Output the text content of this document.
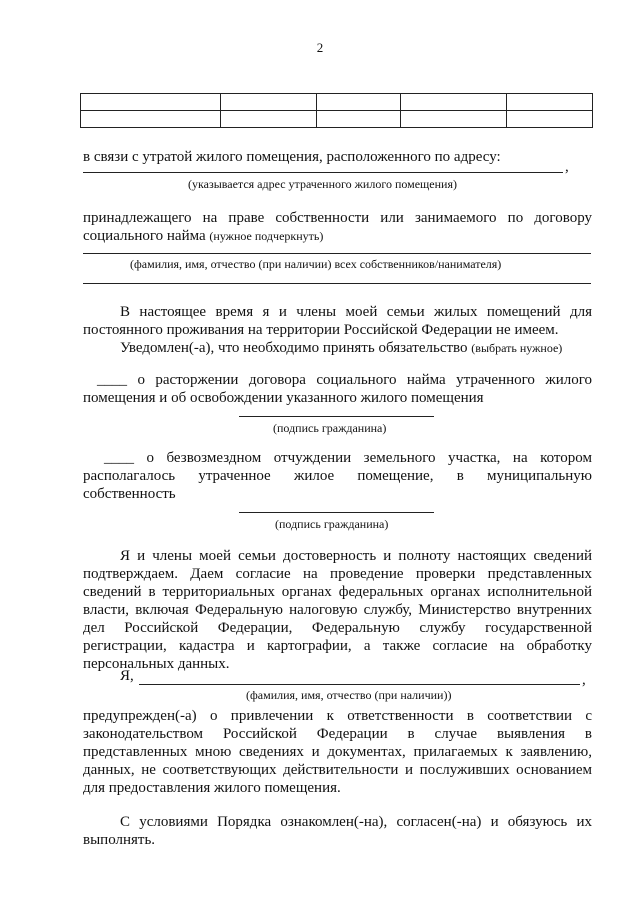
2

в связи с утратой жилого помещения, расположенного по адресу:
,
(указывается адрес утраченного жилого помещения)
принадлежащего на праве собственности или занимаемого по договору
социального найма (нужное подчеркнуть)
(фамилия, имя, отчество (при наличии) всех собственников/нанимателя)
В настоящее время я и члены моей семьи жилых помещений для
постоянного проживания на территории Российской Федерации не имеем.
Уведомлен(-а), что необходимо принять обязательство (выбрать нужное)
____ о расторжении договора социального найма утраченного жилого
помещения и об освобождении указанного жилого помещения
(подпись гражданина)
____ о безвозмездном отчуждении земельного участка, на котором
располагалось утраченное жилое помещение, в муниципальную
собственность
(подпись гражданина)
Я и члены моей семьи достоверность и полноту настоящих сведений
подтверждаем. Даем согласие на проведение проверки представленных
сведений в территориальных органах федеральных органах исполнительной
власти, включая Федеральную налоговую службу, Министерство внутренних
дел Российской Федерации, Федеральную службу государственной
регистрации, кадастра и картографии, а также согласие на обработку
персональных данных.
Я,	,
(фамилия, имя, отчество (при наличии))
предупрежден(-а) о привлечении к ответственности в соответствии с
законодательством Российской Федерации в случае выявления в
представленных мною сведениях и документах, прилагаемых к заявлению,
данных, не соответствующих действительности и послуживших основанием
для предоставления жилого помещения.
С условиями Порядка ознакомлен(-на), согласен(-на) и обязуюсь их
выполнять.
